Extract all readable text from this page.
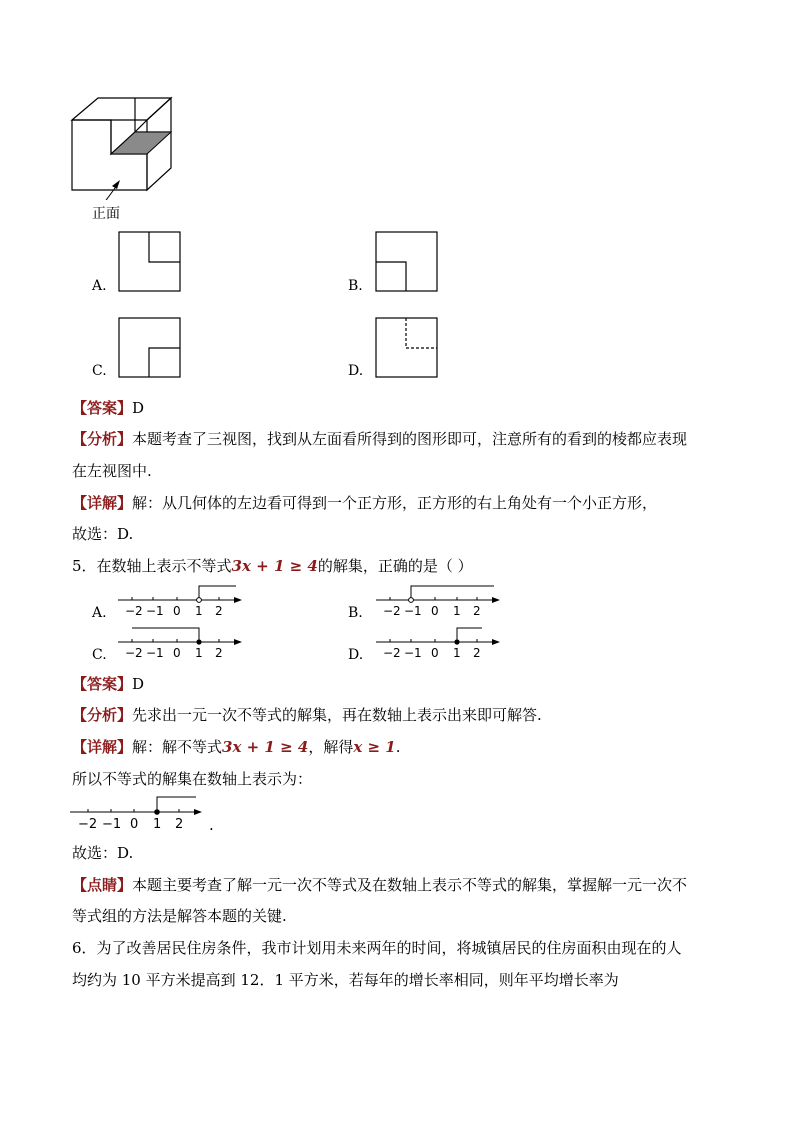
正面
A.	B.
C.	D.
【答案】D
【分析】本题考查了三视图，找到从左面看所得到的图形即可，注意所有的看到的棱都应表现
在左视图中.
【详解】解：从几何体的左边看可得到一个正方形，正方形的右上角处有一个小正方形，
故选：D.
5．在数轴上表示不等式3x + 1 ≥ 4的解集，正确的是（ ）
A. −2 −1 0 1 2	B. −2 −1 0 1 2
C. −2 −1 0 1 2	D. −2 −1 0 1 2
【答案】D
【分析】先求出一元一次不等式的解集，再在数轴上表示出来即可解答.
【详解】解：解不等式3x + 1 ≥ 4，解得x ≥ 1.
所以不等式的解集在数轴上表示为：
−2 −1 0 1 2 .
故选：D.
【点睛】本题主要考查了解一元一次不等式及在数轴上表示不等式的解集，掌握解一元一次不
等式组的方法是解答本题的关键.
6．为了改善居民住房条件，我市计划用未来两年的时间，将城镇居民的住房面积由现在的人
均约为 10 平方米提高到 12．1 平方米，若每年的增长率相同，则年平均增长率为
